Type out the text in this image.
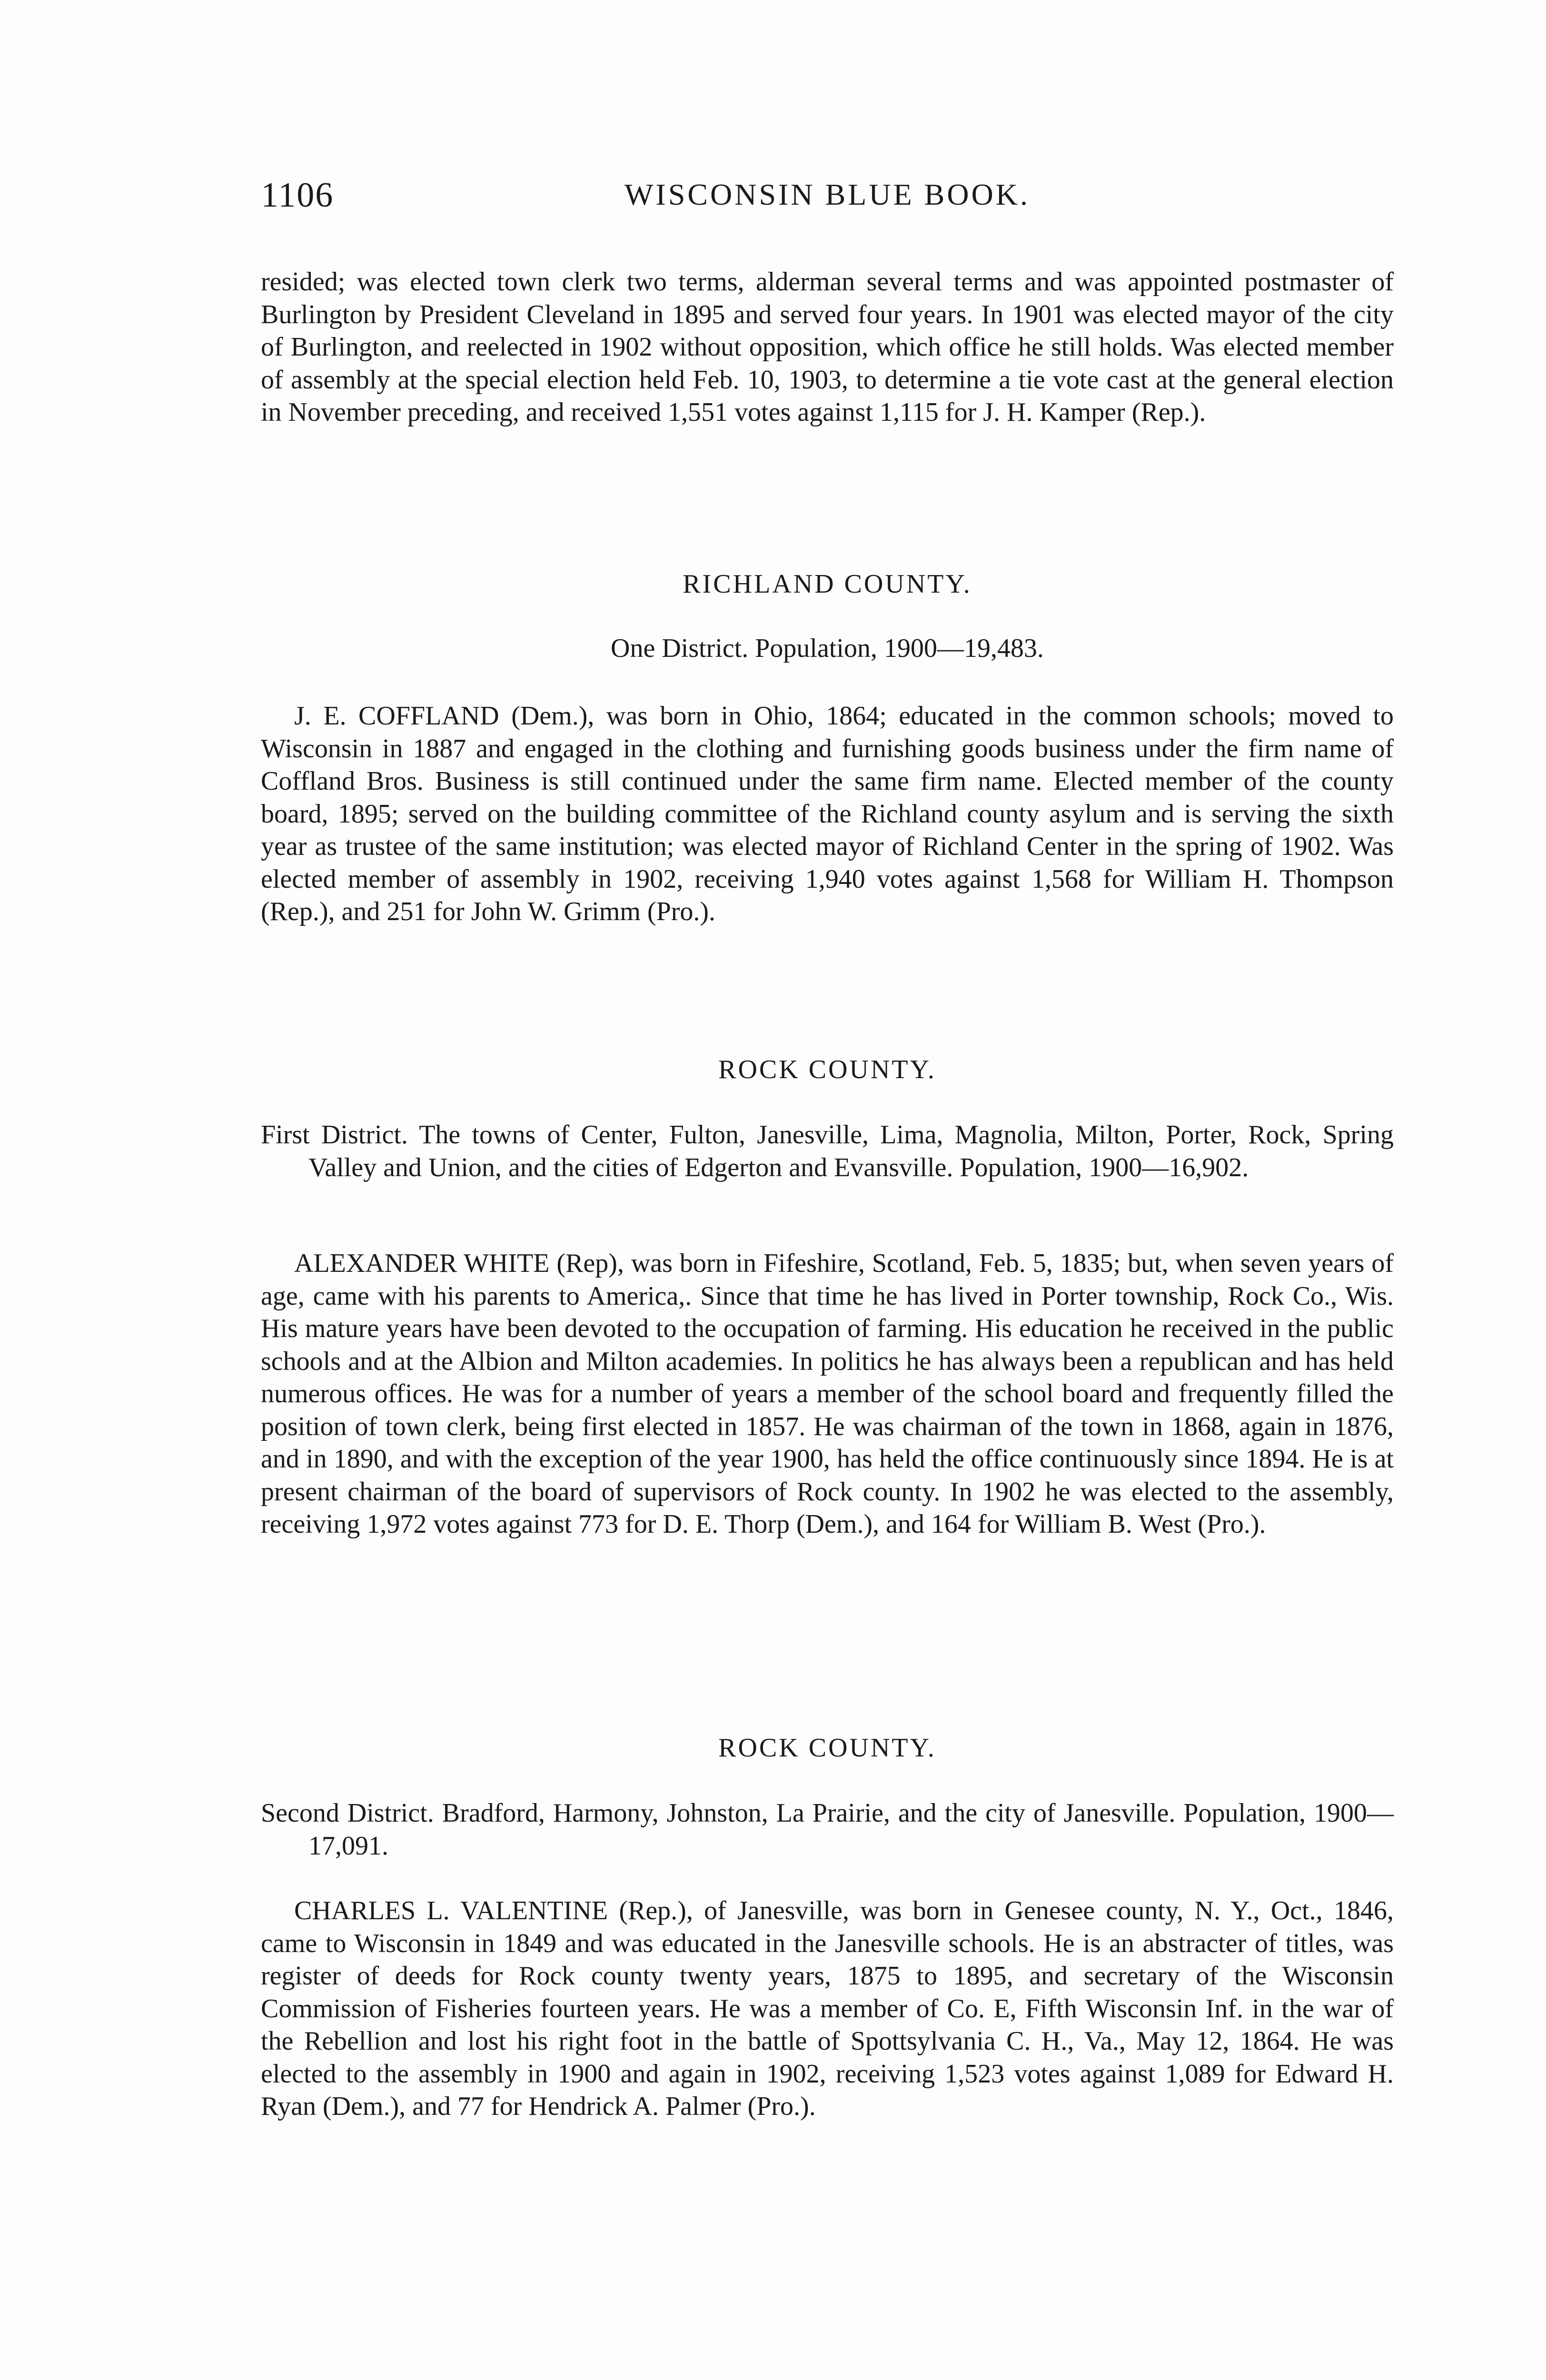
1106	WISCONSIN BLUE BOOK.

resided; was elected town clerk two terms, alderman several terms and was appointed postmaster of Burlington by President Cleveland in 1895 and served four years. In 1901 was elected mayor of the city of Burlington, and reelected in 1902 without opposition, which office he still holds. Was elected member of assembly at the special election held Feb. 10, 1903, to determine a tie vote cast at the general election in November preceding, and received 1,551 votes against 1,115 for J. H. Kamper (Rep.).

RICHLAND COUNTY.
One District. Population, 1900—19,483.

J. E. COFFLAND (Dem.), was born in Ohio, 1864; educated in the common schools; moved to Wisconsin in 1887 and engaged in the clothing and furnishing goods business under the firm name of Coffland Bros. Business is still continued under the same firm name. Elected member of the county board, 1895; served on the building committee of the Richland county asylum and is serving the sixth year as trustee of the same institution; was elected mayor of Richland Center in the spring of 1902. Was elected member of assembly in 1902, receiving 1,940 votes against 1,568 for William H. Thompson (Rep.), and 251 for John W. Grimm (Pro.).

ROCK COUNTY.

First District. The towns of Center, Fulton, Janesville, Lima, Magnolia, Milton, Porter, Rock, Spring Valley and Union, and the cities of Edgerton and Evansville. Population, 1900—16,902.

ALEXANDER WHITE (Rep), was born in Fifeshire, Scotland, Feb. 5, 1835; but, when seven years of age, came with his parents to America,. Since that time he has lived in Porter township, Rock Co., Wis. His mature years have been devoted to the occupation of farming. His education he received in the public schools and at the Albion and Milton academies. In politics he has always been a republican and has held numerous offices. He was for a number of years a member of the school board and frequently filled the position of town clerk, being first elected in 1857. He was chairman of the town in 1868, again in 1876, and in 1890, and with the exception of the year 1900, has held the office continuously since 1894. He is at present chairman of the board of supervisors of Rock county. In 1902 he was elected to the assembly, receiving 1,972 votes against 773 for D. E. Thorp (Dem.), and 164 for William B. West (Pro.).

ROCK COUNTY.

Second District. Bradford, Harmony, Johnston, La Prairie, and the city of Janesville. Population, 1900—17,091.

CHARLES L. VALENTINE (Rep.), of Janesville, was born in Genesee county, N. Y., Oct., 1846, came to Wisconsin in 1849 and was educated in the Janesville schools. He is an abstracter of titles, was register of deeds for Rock county twenty years, 1875 to 1895, and secretary of the Wisconsin Commission of Fisheries fourteen years. He was a member of Co. E, Fifth Wisconsin Inf. in the war of the Rebellion and lost his right foot in the battle of Spottsylvania C. H., Va., May 12, 1864. He was elected to the assembly in 1900 and again in 1902, receiving 1,523 votes against 1,089 for Edward H. Ryan (Dem.), and 77 for Hendrick A. Palmer (Pro.).
